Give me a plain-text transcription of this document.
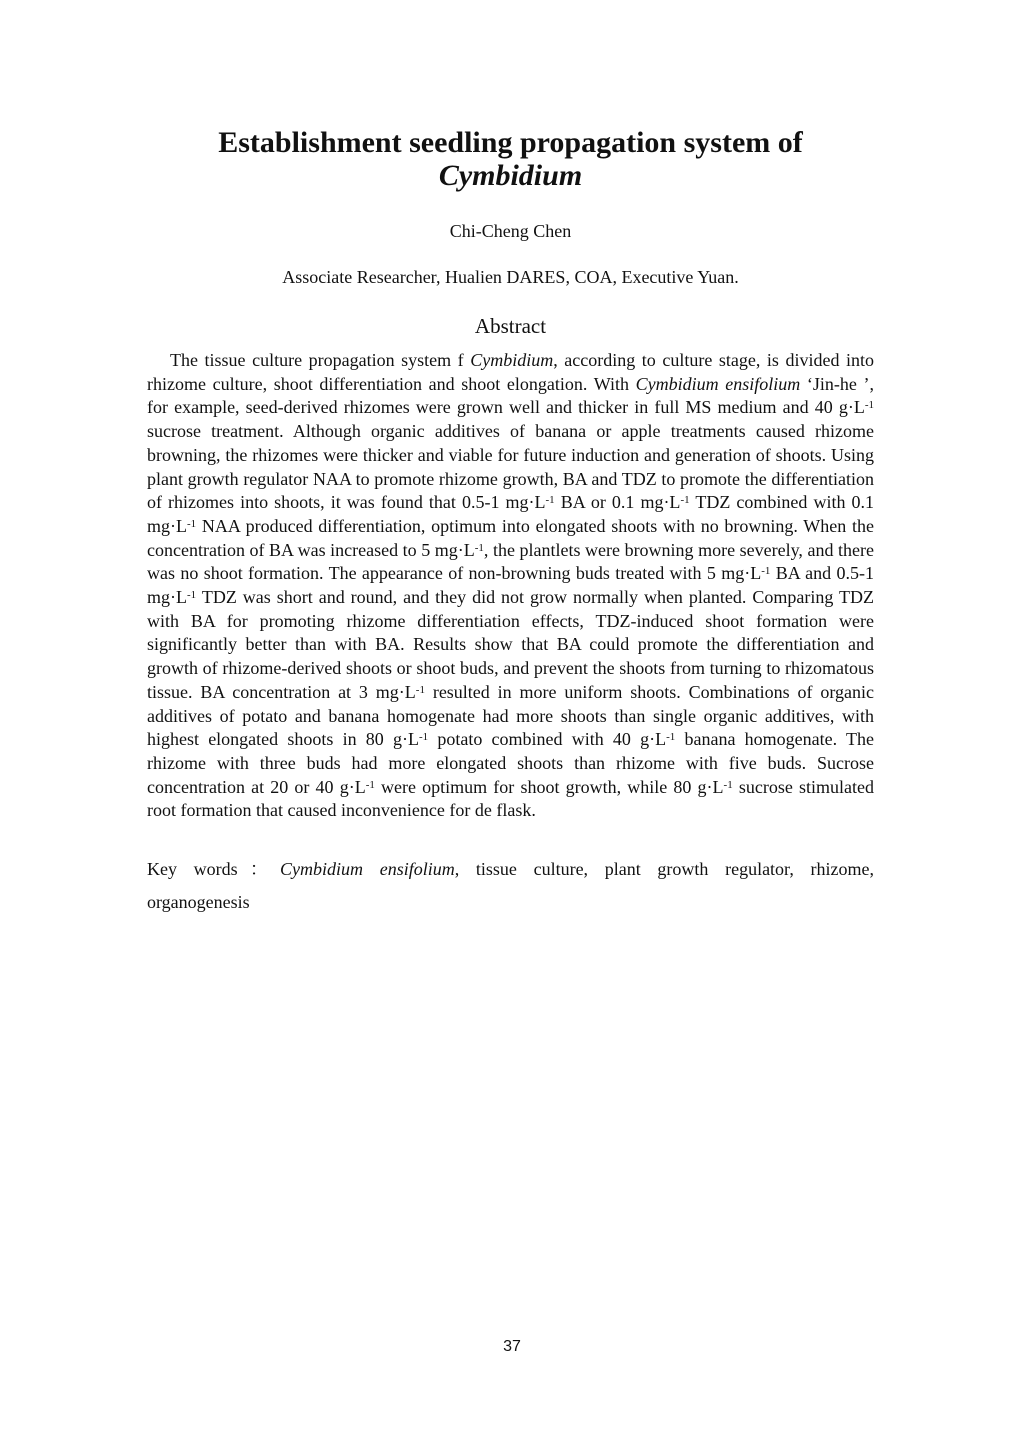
Establishment seedling propagation system of
Cymbidium
Chi-Cheng Chen
Associate Researcher, Hualien DARES, COA, Executive Yuan.
Abstract

The tissue culture propagation system f Cymbidium, according to culture stage, is divided into rhizome culture, shoot differentiation and shoot elongation. With Cymbidium ensifolium ‘Jin-he ’, for example, seed-derived rhizomes were grown well and thicker in full MS medium and 40 $g\cdot L^{-1}$ sucrose treatment. Although organic additives of banana or apple treatments caused rhizome browning, the rhizomes were thicker and viable for future induction and generation of shoots. Using plant growth regulator NAA to promote rhizome growth, BA and TDZ to promote the differentiation of rhizomes into shoots, it was found that 0.5-1 $mg\cdot L^{-1}$ BA or 0.1 $mg\cdot L^{-1}$ TDZ combined with 0.1 $mg\cdot L^{-1}$ NAA produced differentiation, optimum into elongated shoots with no browning. When the concentration of BA was increased to 5 $mg\cdot L^{-1}$, the plantlets were browning more severely, and there was no shoot formation. The appearance of non-browning buds treated with 5 $mg\cdot L^{-1}$ BA and 0.5-1 $mg\cdot L^{-1}$ TDZ was short and round, and they did not grow normally when planted. Comparing TDZ with BA for promoting rhizome differentiation effects, TDZ-induced shoot formation were significantly better than with BA. Results show that BA could promote the differentiation and growth of rhizome-derived shoots or shoot buds, and prevent the shoots from turning to rhizomatous tissue. BA concentration at 3 $mg\cdot L^{-1}$ resulted in more uniform shoots. Combinations of organic additives of potato and banana homogenate had more shoots than single organic additives, with highest elongated shoots in 80 $g\cdot L^{-1}$ potato combined with 40 $g\cdot L^{-1}$ banana homogenate. The rhizome with three buds had more elongated shoots than rhizome with five buds. Sucrose concentration at 20 or 40 $g\cdot L^{-1}$ were optimum for shoot growth, while 80 $g\cdot L^{-1}$ sucrose stimulated root formation that caused inconvenience for de flask.

Key words：Cymbidium ensifolium, tissue culture, plant growth regulator, rhizome,
organogenesis
37
